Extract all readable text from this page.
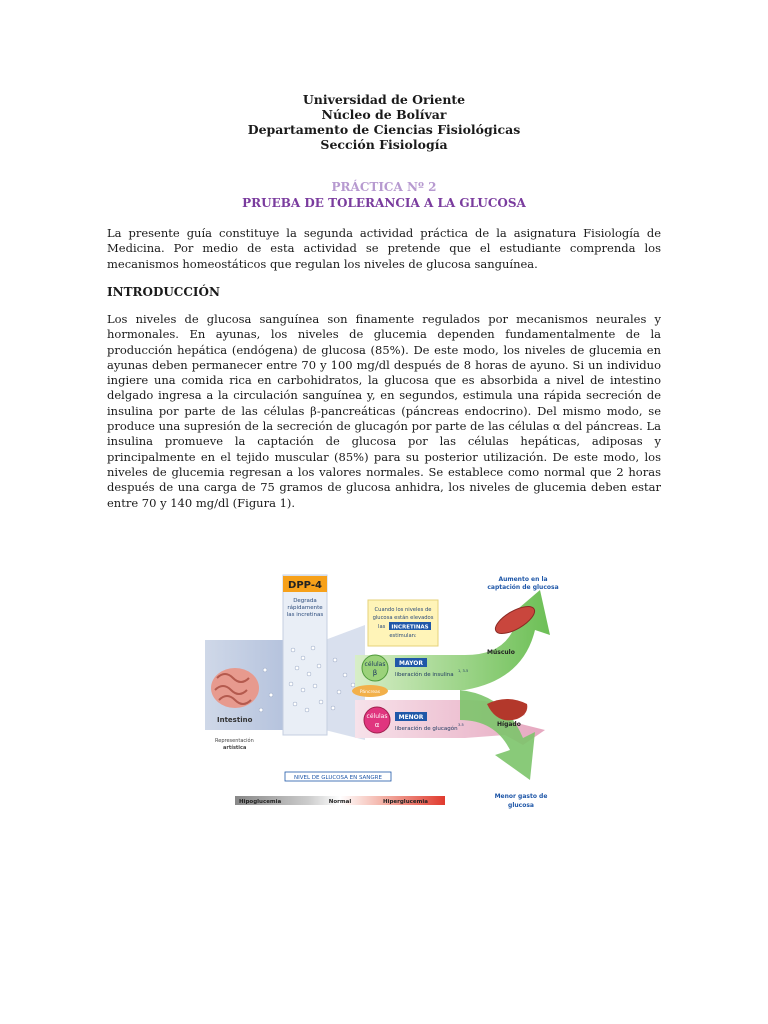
Universidad de Oriente
Núcleo de Bolívar
Departamento de Ciencias Fisiológicas
Sección Fisiología
PRÁCTICA Nº 2
PRUEBA DE TOLERANCIA A LA GLUCOSA
La presente guía constituye la segunda actividad práctica de la asignatura Fisiología de Medicina. Por medio de esta actividad se pretende que el estudiante comprenda los mecanismos homeostáticos que regulan los niveles de glucosa sanguínea.
INTRODUCCIÓN
Los niveles de glucosa sanguínea son finamente regulados por mecanismos neurales y hormonales. En ayunas, los niveles de glucemia dependen fundamentalmente de la producción hepática (endógena) de glucosa (85%). De este modo, los niveles de glucemia en ayunas deben permanecer entre 70 y 100 mg/dl después de 8 horas de ayuno. Si un individuo ingiere una comida rica en carbohidratos, la glucosa que es absorbida a nivel de intestino delgado ingresa a la circulación sanguínea y, en segundos, estimula una rápida secreción de insulina por parte de las células β-pancreáticas (páncreas endocrino). Del mismo modo, se produce una supresión de la secreción de glucagón por parte de las células α del páncreas. La insulina promueve la captación de glucosa por las células hepáticas, adiposas y principalmente en el tejido muscular (85%) para su posterior utilización. De este modo, los niveles de glucemia regresan a los valores normales. Se establece como normal que 2 horas después de una carga de 75 gramos de glucosa anhidra, los niveles de glucemia deben estar entre 70 y 140 mg/dl (Figura 1).
Intestino
Representación
artística
DPP-4
Degrada
rápidamente
las incretinas
Cuando los niveles de
glucosa están elevados
las INCRETINAS
estimulan:
células
β
Páncreas
células
α
MAYOR
liberación de insulina
1, 3-5
MENOR
liberación de glucagón
3-5
Aumento en la
captación de glucosa
Músculo
Hígado
Menor gasto de
glucosa
NIVEL DE GLUCOSA EN SANGRE
Hipoglucemia	Normal	Hiperglucemia
